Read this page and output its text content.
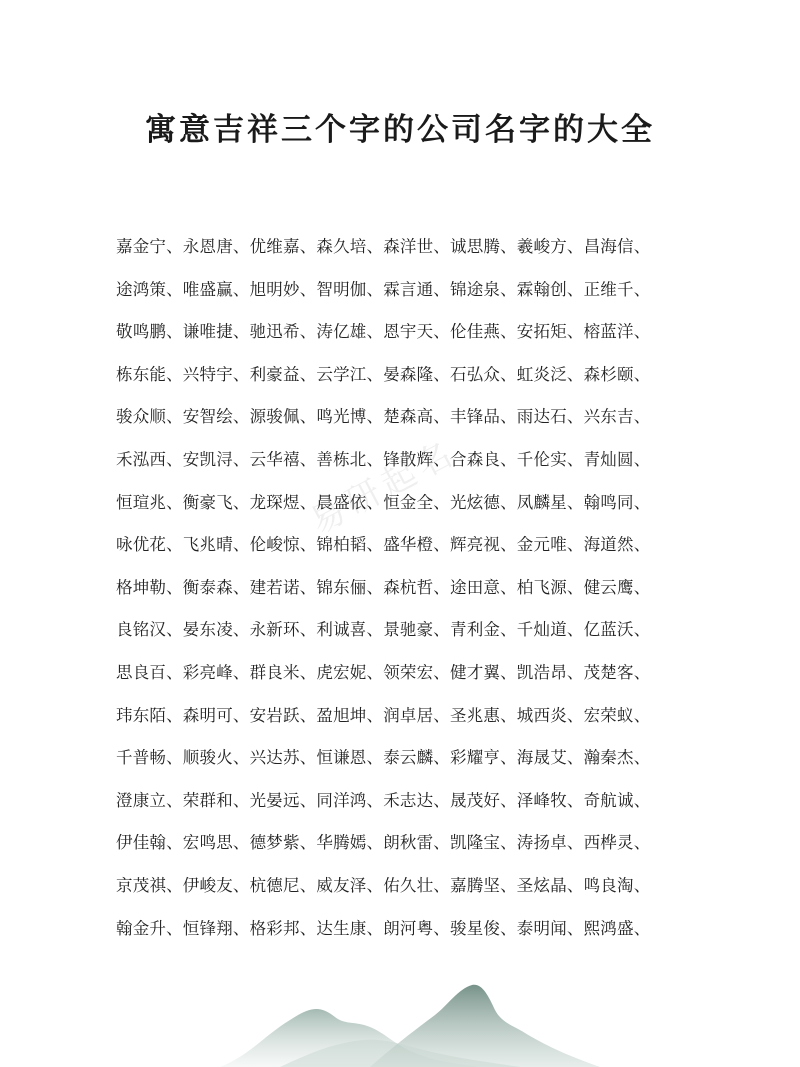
寓意吉祥三个字的公司名字的大全
易研起名
嘉金宁、永恩唐、优维嘉、森久培、森洋世、诚思腾、羲峻方、昌海信、
途鸿策、唯盛赢、旭明妙、智明伽、霖言通、锦途泉、霖翰创、正维千、
敬鸣鹏、谦唯捷、驰迅希、涛亿雄、恩宇天、伦佳燕、安拓矩、榕蓝洋、
栋东能、兴特宇、利豪益、云学江、晏森隆、石弘众、虹炎泛、森杉颐、
骏众顺、安智绘、源骏佩、鸣光博、楚森高、丰锋品、雨达石、兴东吉、
禾泓西、安凯浔、云华禧、善栋北、锋散辉、合森良、千伦实、青灿圆、
恒瑄兆、衡豪飞、龙琛煜、晨盛依、恒金全、光炫德、凤麟星、翰鸣同、
咏优花、飞兆晴、伦峻惊、锦柏韬、盛华橙、辉亮视、金元唯、海道然、
格坤勒、衡泰森、建若诺、锦东俪、森杭哲、途田意、柏飞源、健云鹰、
良铭汉、晏东凌、永新环、利诚喜、景驰豪、青利金、千灿道、亿蓝沃、
思良百、彩亮峰、群良米、虎宏妮、领荣宏、健才翼、凯浩昂、茂楚客、
玮东陌、森明可、安岩跃、盈旭坤、润卓居、圣兆惠、城西炎、宏荣蚁、
千普畅、顺骏火、兴达苏、恒谦恩、泰云麟、彩耀亨、海晟艾、瀚秦杰、
澄康立、荣群和、光晏远、同洋鸿、禾志达、晟茂好、泽峰牧、奇航诚、
伊佳翰、宏鸣思、德梦紫、华腾嫣、朗秋雷、凯隆宝、涛扬卓、西桦灵、
京茂祺、伊峻友、杭德尼、威友泽、佑久壮、嘉腾坚、圣炫晶、鸣良淘、
翰金升、恒锋翔、格彩邦、达生康、朗河粤、骏星俊、泰明闻、熙鸿盛、
